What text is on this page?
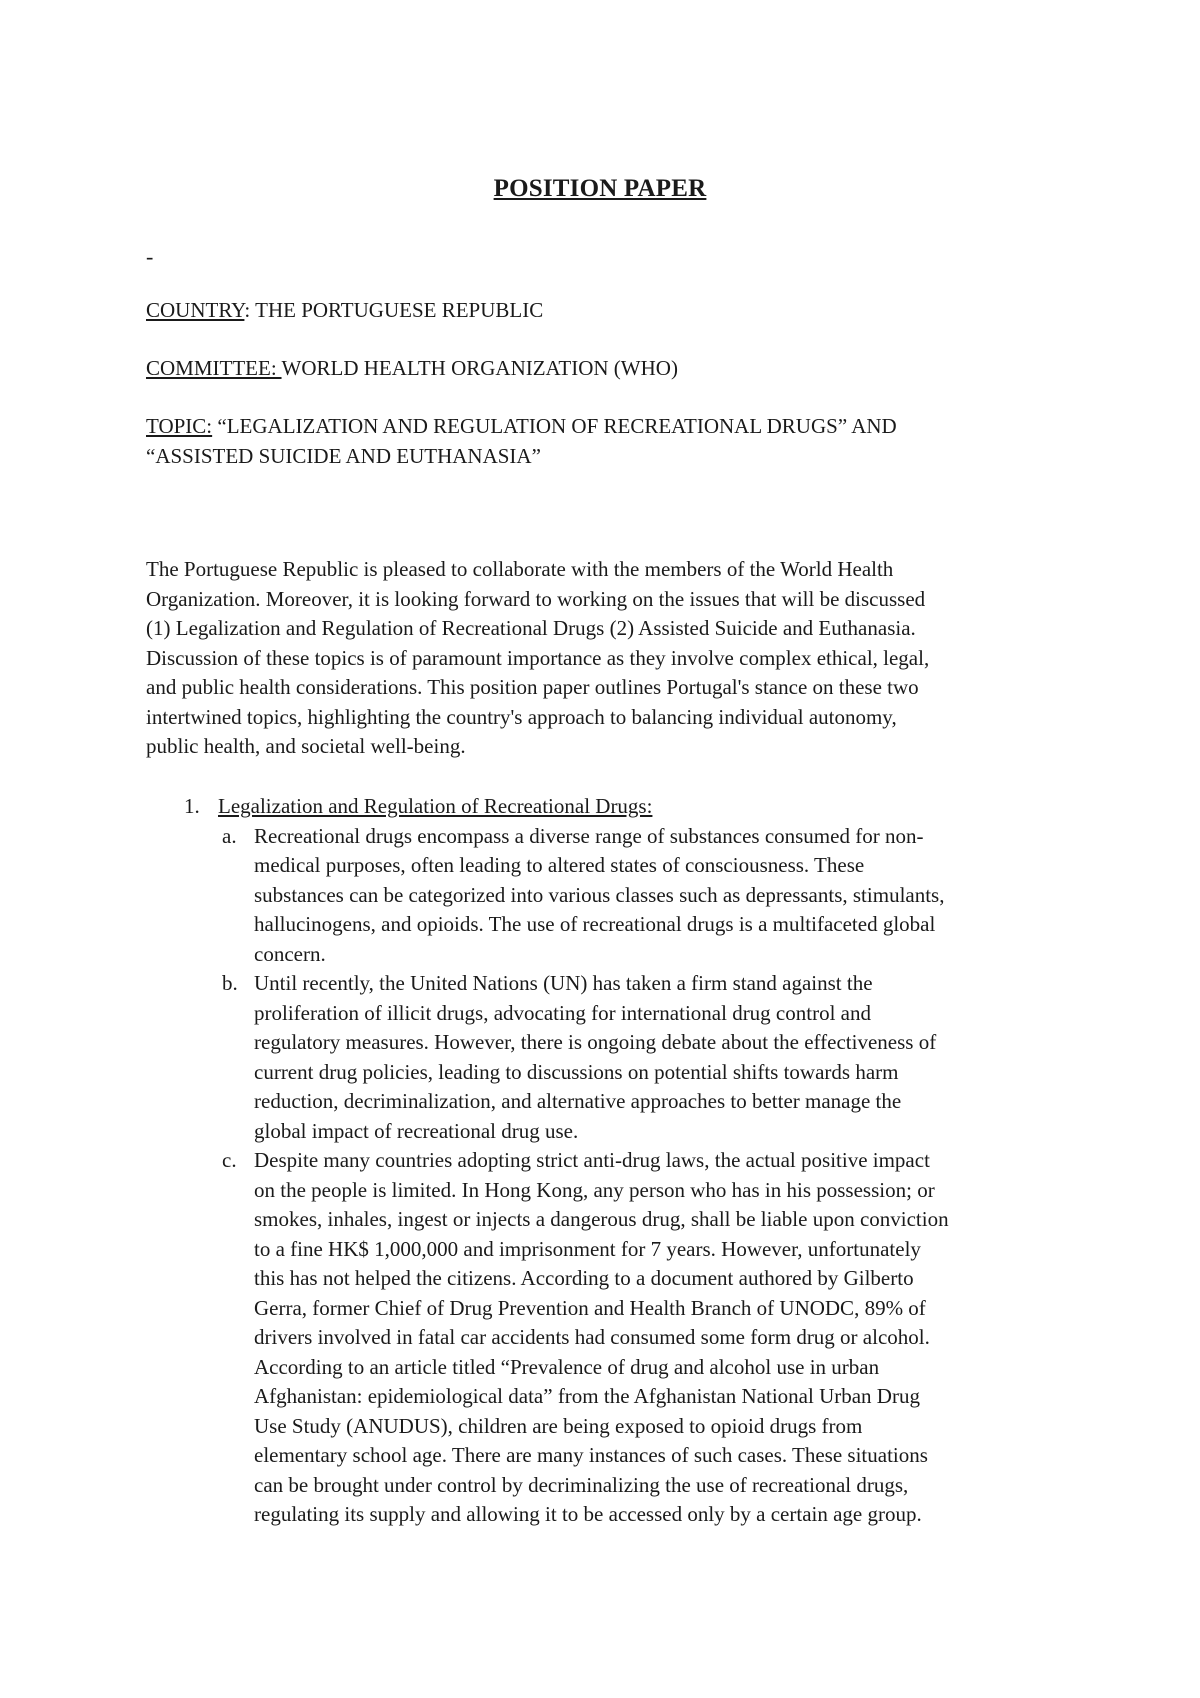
POSITION PAPER
-
COUNTRY: THE PORTUGUESE REPUBLIC
COMMITTEE: WORLD HEALTH ORGANIZATION (WHO)
TOPIC: “LEGALIZATION AND REGULATION OF RECREATIONAL DRUGS” AND
“ASSISTED SUICIDE AND EUTHANASIA”

The Portuguese Republic is pleased to collaborate with the members of the World Health
Organization. Moreover, it is looking forward to working on the issues that will be discussed
(1) Legalization and Regulation of Recreational Drugs (2) Assisted Suicide and Euthanasia.
Discussion of these topics is of paramount importance as they involve complex ethical, legal,
and public health considerations. This position paper outlines Portugal's stance on these two
intertwined topics, highlighting the country's approach to balancing individual autonomy,
public health, and societal well-being.

1. Legalization and Regulation of Recreational Drugs:
a. Recreational drugs encompass a diverse range of substances consumed for non-
medical purposes, often leading to altered states of consciousness. These
substances can be categorized into various classes such as depressants, stimulants,
hallucinogens, and opioids. The use of recreational drugs is a multifaceted global
concern.
b. Until recently, the United Nations (UN) has taken a firm stand against the
proliferation of illicit drugs, advocating for international drug control and
regulatory measures. However, there is ongoing debate about the effectiveness of
current drug policies, leading to discussions on potential shifts towards harm
reduction, decriminalization, and alternative approaches to better manage the
global impact of recreational drug use.
c. Despite many countries adopting strict anti-drug laws, the actual positive impact
on the people is limited. In Hong Kong, any person who has in his possession; or
smokes, inhales, ingest or injects a dangerous drug, shall be liable upon conviction
to a fine HK$ 1,000,000 and imprisonment for 7 years. However, unfortunately
this has not helped the citizens. According to a document authored by Gilberto
Gerra, former Chief of Drug Prevention and Health Branch of UNODC, 89% of
drivers involved in fatal car accidents had consumed some form drug or alcohol.
According to an article titled “Prevalence of drug and alcohol use in urban
Afghanistan: epidemiological data” from the Afghanistan National Urban Drug
Use Study (ANUDUS), children are being exposed to opioid drugs from
elementary school age. There are many instances of such cases. These situations
can be brought under control by decriminalizing the use of recreational drugs,
regulating its supply and allowing it to be accessed only by a certain age group.
